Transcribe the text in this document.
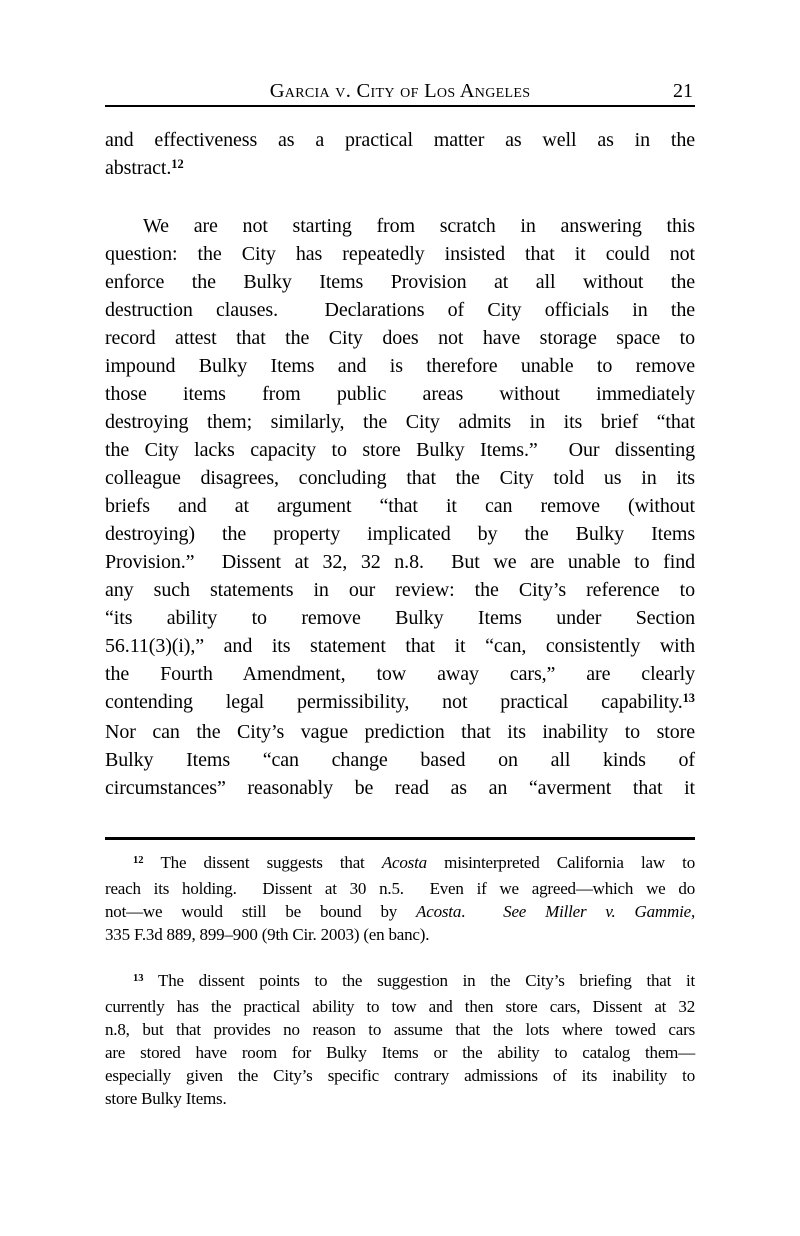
Garcia v. City of Los Angeles	21
and effectiveness as a practical matter as well as in the
abstract.$^{12}$
We are not starting from scratch in answering this
question: the City has repeatedly insisted that it could not
enforce the Bulky Items Provision at all without the
destruction clauses.  Declarations of City officials in the
record attest that the City does not have storage space to
impound Bulky Items and is therefore unable to remove
those items from public areas without immediately
destroying them; similarly, the City admits in its brief “that
the City lacks capacity to store Bulky Items.”  Our dissenting
colleague disagrees, concluding that the City told us in its
briefs and at argument “that it can remove (without
destroying) the property implicated by the Bulky Items
Provision.”  Dissent at 32, 32 n.8.  But we are unable to find
any such statements in our review: the City’s reference to
“its ability to remove Bulky Items under Section
56.11(3)(i),” and its statement that it “can, consistently with
the Fourth Amendment, tow away cars,” are clearly
contending legal permissibility, not practical capability.$^{13}$
Nor can the City’s vague prediction that its inability to store
Bulky Items “can change based on all kinds of
circumstances” reasonably be read as an “averment that it
$^{12}$ The dissent suggests that Acosta misinterpreted California law to
reach its holding.  Dissent at 30 n.5.  Even if we agreed—which we do
not—we would still be bound by Acosta.  See Miller v. Gammie,
335 F.3d 889, 899–900 (9th Cir. 2003) (en banc).
$^{13}$ The dissent points to the suggestion in the City’s briefing that it
currently has the practical ability to tow and then store cars, Dissent at 32
n.8, but that provides no reason to assume that the lots where towed cars
are stored have room for Bulky Items or the ability to catalog them—
especially given the City’s specific contrary admissions of its inability to
store Bulky Items.
